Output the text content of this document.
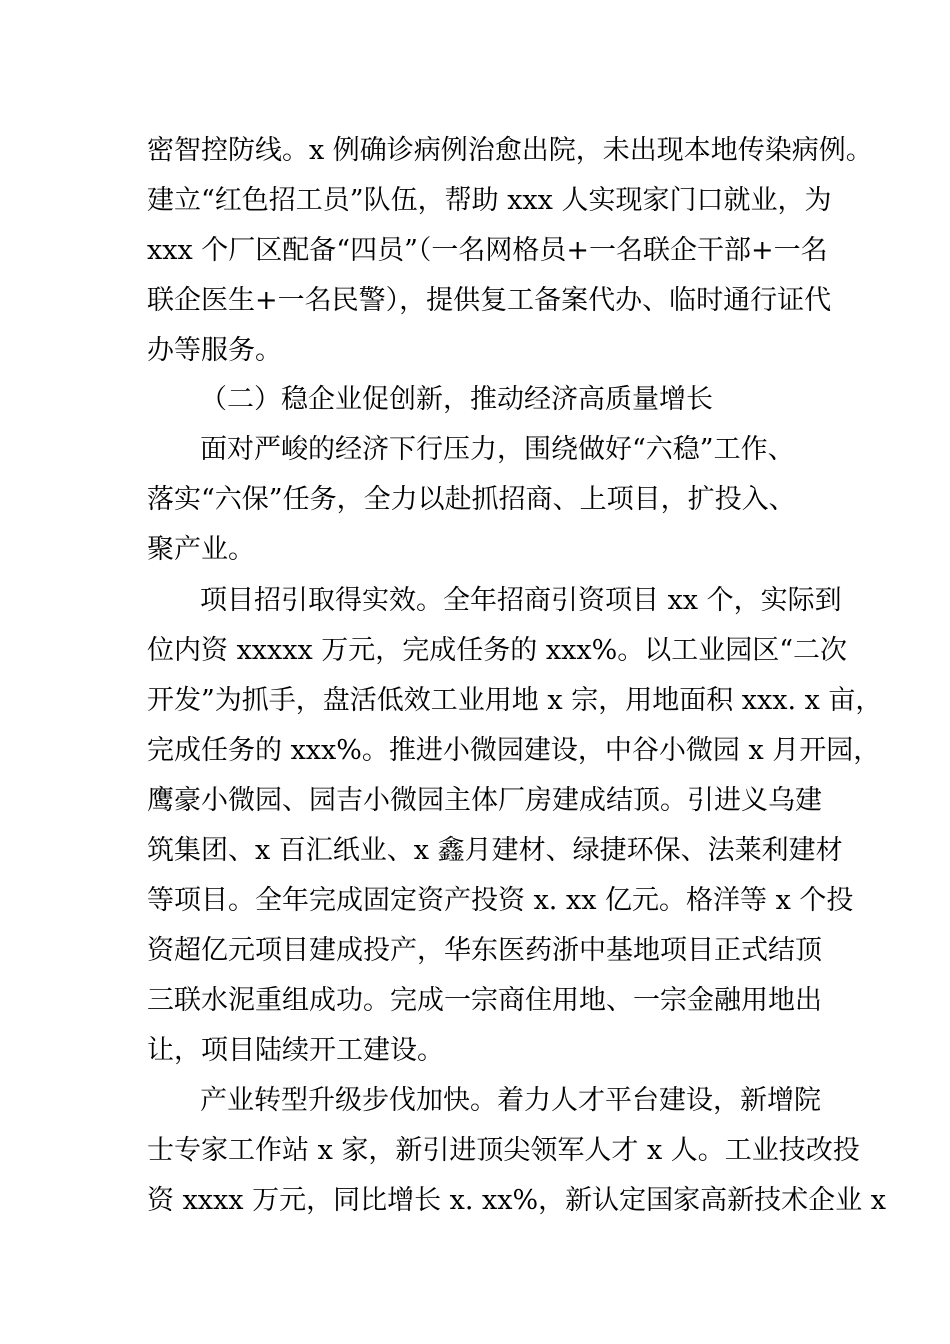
密智控防线。x 例确诊病例治愈出院，未出现本地传染病例。

建立“红色招工员”队伍，帮助 xxx 人实现家门口就业，为

xxx 个厂区配备“四员”（一名网格员+一名联企干部+一名

联企医生+一名民警），提供复工备案代办、临时通行证代

办等服务。

（二）稳企业促创新，推动经济高质量增长

面对严峻的经济下行压力，围绕做好“六稳”工作、

落实“六保”任务，全力以赴抓招商、上项目，扩投入、

聚产业。

项目招引取得实效。全年招商引资项目 xx 个，实际到

位内资 xxxxx 万元，完成任务的 xxx%。以工业园区“二次

开发”为抓手，盘活低效工业用地 x 宗，用地面积 xxx. x 亩，

完成任务的 xxx%。推进小微园建设，中谷小微园 x 月开园，

鹰豪小微园、园吉小微园主体厂房建成结顶。引进义乌建

筑集团、x 百汇纸业、x 鑫月建材、绿捷环保、法莱利建材

等项目。全年完成固定资产投资 x. xx 亿元。格洋等 x 个投

资超亿元项目建成投产，华东医药浙中基地项目正式结顶

三联水泥重组成功。完成一宗商住用地、一宗金融用地出

让，项目陆续开工建设。

产业转型升级步伐加快。着力人才平台建设，新增院

士专家工作站 x 家，新引进顶尖领军人才 x 人。工业技改投

资 xxxx 万元，同比增长 x. xx%，新认定国家高新技术企业 x
